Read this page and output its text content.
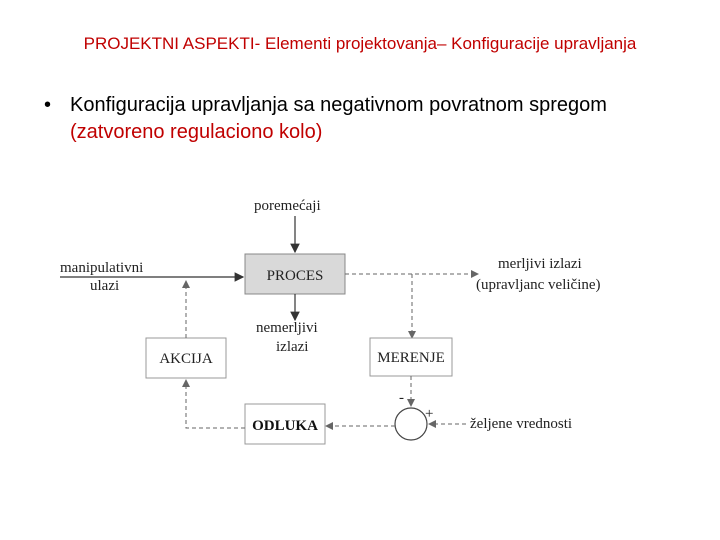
PROJEKTNI ASPEKTI- Elementi projektovanja– Konfiguracije upravljanja
• Konfiguracija upravljanja sa negativnom povratnom spregom (zatvoreno regulaciono kolo)
poremećaji
manipulativni
ulazi
PROCES
merljivi izlazi
(upravljanc veličine)
nemerljivi
izlazi
MERENJE
-
+
željene vrednosti
ODLUKA
AKCIJA
